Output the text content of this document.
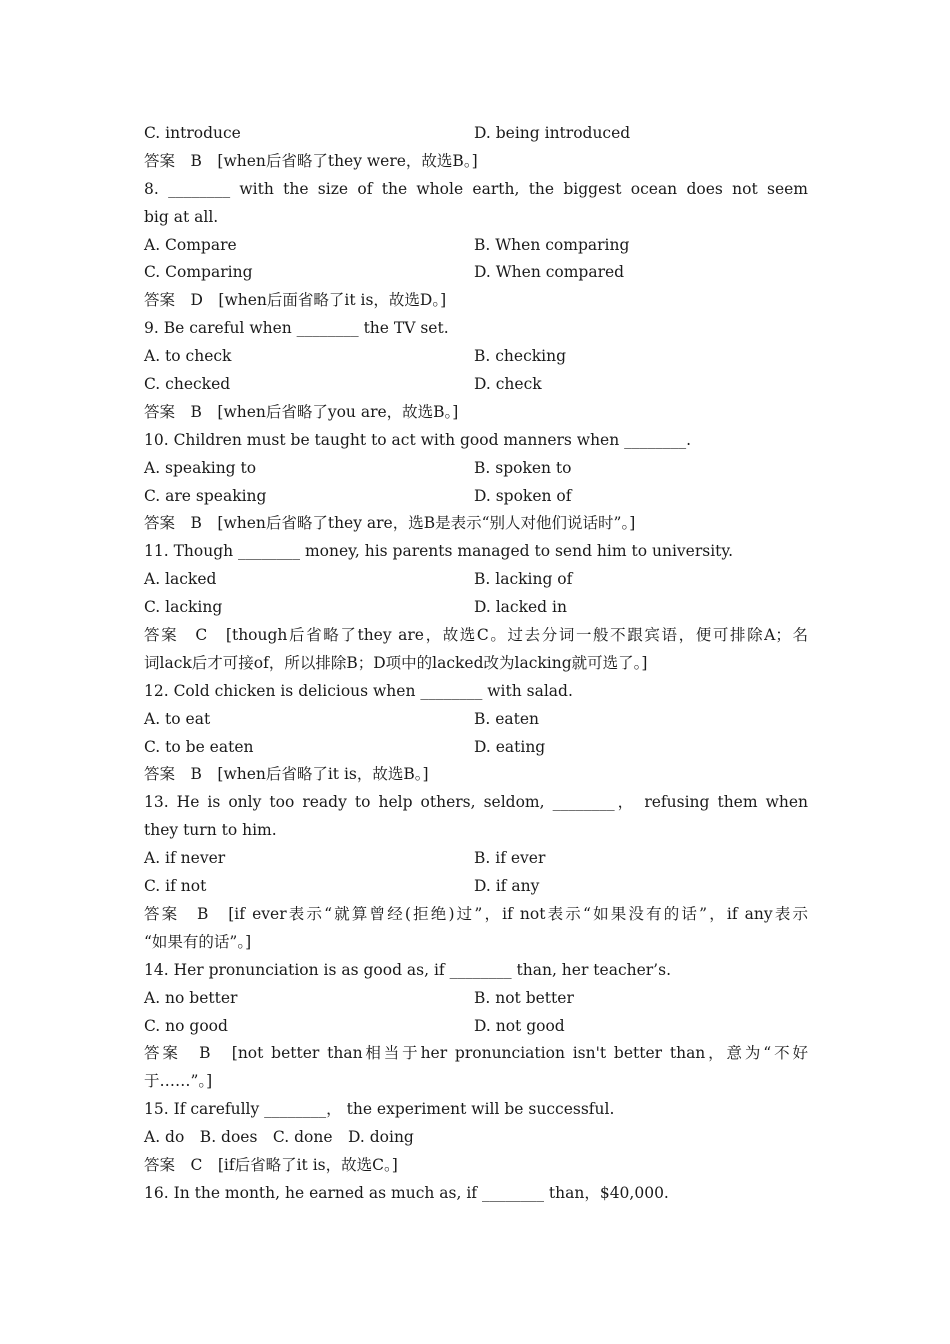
C. introduce	D. being introduced
答案　B　[when后省略了they were，故选B。]
8. ________ with the size of the whole earth, the biggest ocean does not seem
big at all.
A. Compare	B. When comparing
C. Comparing	D. When compared
答案　D　[when后面省略了it is，故选D。]
9. Be careful when ________ the TV set.
A. to check	B. checking
C. checked	D. check
答案　B　[when后省略了you are，故选B。]
10. Children must be taught to act with good manners when ________.
A. speaking to	B. spoken to
C. are speaking	D. spoken of
答案　B　[when后省略了they are，选B是表示“别人对他们说话时”。]
11. Though ________ money, his parents managed to send him to university.
A. lacked	B. lacking of
C. lacking	D. lacked in
答案　C　[though后省略了they are，故选C。过去分词一般不跟宾语，便可排除A；名
词lack后才可接of，所以排除B；D项中的lacked改为lacking就可选了。]
12. Cold chicken is delicious when ________ with salad.
A. to eat	B. eaten
C. to be eaten	D. eating
答案　B　[when后省略了it is，故选B。]
13. He is only too ready to help others, seldom, ________， refusing them when
they turn to him.
A. if never	B. if ever
C. if not	D. if any
答案　B　[if ever表示“就算曾经(拒绝)过”，if not表示“如果没有的话”，if any表示
“如果有的话”。]
14. Her pronunciation is as good as, if ________ than, her teacher’s.
A. no better	B. not better
C. no good	D. not good
答案　B　[not better than相当于her pronunciation isn't better than，意为“不好
于……”。]
15. If carefully ________， the experiment will be successful.
A. do　B. does　C. done　D. doing
答案　C　[if后省略了it is，故选C。]
16. In the month, he earned as much as, if ________ than，$40,000.
